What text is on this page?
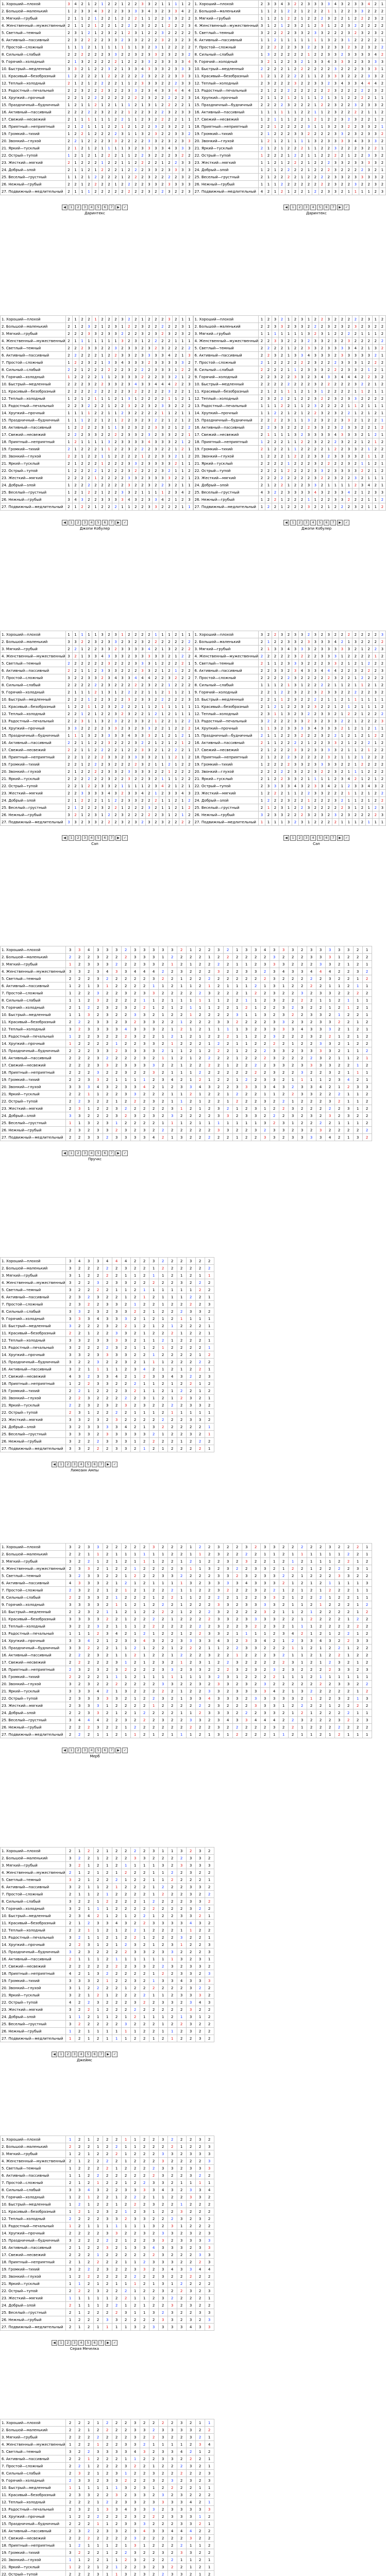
1. Хороший—плохой	3	4	2	1	2	1	2	2	1	2	2	3	3	2	1	1	1	1	2
2. Большой—маленький	1	2	3	3	4	3	2	2	3	3	3	3	4	3	2	3	3	4	2
3. Мягкий—грубый	2	1	1	2	1	2	2	1	2	2	2	1	1	2	2	3	3	2	2
4. Женственный—мужественный	2	1	1	2	1	2	2	1	2	2	2	3	2	2	1	2	2	2	3
5. Светлый—темный	2	3	1	2	1	2	3	2	1	2	3	1	2	2	3	2	2	2	2
6. Активный—пассивный	2	3	2	2	2	2	3	3	2	3	3	2	2	2	3	2	3	2	3
7. Простой—сложный	1	1	1	2	1	1	1	1	1	1	1	3	2	3	1	2	2	2	2
8. Сильный—слабый	2	2	2	2	2	2	3	3	2	2	3	2	3	3	2	3	2	3	2
9. Горячий—холодный	2	1	3	2	2	2	2	2	1	2	2	3	3	2	3	3	3	3	4
10. Быстрый—медленный	3	3	2	1	2	2	3	2	1	3	3	4	3	3	3	2	3	3	3
11. Красивый—безобразный	1	2	2	2	2	1	2	2	2	2	2	2	3	2	2	2	3	3	3
12. Теплый—холодный	2	1	2	1	2	2	2	2	1	1	2	3	3	3	2	2	2	3	3
13. Радостный—печальный	2	2	3	2	2	2	3	2	2	3	3	2	3	4	3	3	4	4	4
14. Хрупкий—прочный	2	2	1	2	2	2	2	2	2	2	2	2	3	2	2	2	2	2	3
15. Праздничный—будничный	1	2	1	1	2	1	2	1	1	1	2	1	3	1	2	2	2	2	1
16. Активный—пассивный	2	2	2	2	2	3	2	2	2	1	2	2	3	2	2	3	2	3	3
17. Свежий—несвежий	2	1	1	1	1	1	1	2	2	1	1	2	3	2	2	2	2	1	1
18. Приятный—неприятный	2	1	2	1	1	1	2	2	1	2	1	2	2	3	2	3	2	2	1
19. Громкий—тихий	1	2	2	1	2	2	2	2	3	1	1	3	2	3	2	2	3	3	2
20. Звонкий—глухой	2	2	1	2	2	2	3	3	2	2	2	2	3	3	2	3	2	3	3
21. Яркий—тусклый	2	1	2	1	2	1	1	1	1	3	2	3	3	3	3	4	3	3	3
22. Острый—тупой	1	2	1	2	1	2	2	2	1	1	2	2	3	2	2	2	3	2	2
23. Жесткий—мягкий	2	1	2	2	2	1	2	2	1	1	2	2	2	2	1	2	2	3	3
24. Добрый—злой	2	1	1	2	1	2	2	2	1	2	2	2	3	3	2	3	3	3	3
25. Веселый—грустный	1	1	2	1	2	2	2	2	1	2	2	2	3	2	2	2	2	3	2
26. Нежный—грубый	2	2	1	2	2	2	2	1	2	2	2	2	3	3	2	3	3	3	3
27. Подвижный—медлительный	2	1	1	1	2	2	2	2	2	2	2	2	3	2	2	3	2	2	3
1. Хороший—плохой	2	3	3	4	3	2	2	3	3	3	3	4	3	2	3	3	4	2	1
2. Большой—маленький	1	1	2	1	2	2	1	2	2	2	1	1	2	2	3	3	2	2	2
3. Мягкий—грубый	1	1	2	1	2	2	1	2	2	2	3	2	2	1	2	2	2	3	2
4. Женственный—мужественный	3	1	2	1	2	3	2	1	2	3	1	2	2	3	2	2	2	2	2
5. Светлый—темный	3	2	2	2	2	3	3	2	3	3	2	2	2	3	2	3	2	3	2
6. Активный—пассивный	1	1	2	1	1	1	1	1	1	1	3	2	3	1	2	2	2	2	1
7. Простой—сложный	2	2	2	2	2	3	3	2	2	3	2	3	3	2	3	2	3	2	2
8. Сильный—слабый	1	3	2	2	2	2	2	1	2	2	3	3	2	3	3	3	3	4	2
9. Горячий—холодный	3	2	1	2	2	3	2	1	3	3	4	3	3	3	2	3	3	3	3
10. Быстрый—медленный	2	2	2	2	1	2	2	2	2	2	2	3	2	2	2	3	3	3	1
11. Красивый—безобразный	1	2	1	2	2	2	2	1	1	2	3	3	3	2	2	2	3	3	2
12. Теплый—холодный	2	3	2	2	2	3	2	2	3	3	2	3	4	3	3	4	4	4	2
13. Радостный—печальный	2	1	2	2	2	2	2	2	2	2	2	3	2	2	2	2	2	3	2
14. Хрупкий—прочный	2	1	1	2	1	2	1	1	1	2	1	3	1	2	2	2	2	1	1
15. Праздничный—будничный	2	2	2	2	3	2	2	2	1	2	2	3	2	2	3	2	3	3	2
16. Активный—пассивный	1	1	1	1	1	1	2	2	1	1	2	3	2	2	2	2	1	1	2
17. Свежий—несвежий	1	2	1	1	1	2	2	1	2	1	2	2	3	2	3	2	2	1	2
18. Приятный—неприятный	2	2	1	2	2	2	2	3	1	1	3	2	3	2	2	3	3	2	1
19. Громкий—тихий	2	1	2	2	2	3	3	2	2	2	2	3	3	2	3	2	3	3	2
20. Звонкий—глухой	1	2	1	2	1	1	1	1	3	2	3	3	3	3	4	3	3	3	2
21. Яркий—тусклый	2	1	2	1	2	2	2	1	1	2	2	3	2	2	2	3	2	2	1
22. Острый—тупой	1	2	2	2	1	2	2	1	1	2	2	2	2	1	2	2	3	3	2
23. Жесткий—мягкий	1	1	2	1	2	2	2	1	2	2	2	3	3	2	3	3	3	3	2
24. Добрый—злой	1	2	1	2	2	2	2	1	2	2	2	3	2	2	2	2	3	2	1
25. Веселый—грустный	2	1	2	2	2	2	1	2	2	2	2	3	3	2	3	3	3	3	2
26. Нежный—грубый	1	1	1	2	2	2	2	2	2	2	2	3	2	2	3	2	2	3	2
27. Подвижный—медлительный	4	2	1	2	1	2	2	1	2	2	3	3	2	1	1	1	1	2	3
◀	1	2	3	4	5	6	7	▶	✓
Даринтекс
◀	1	2	3	4	5	6	7	▶	✓
Даринтекс
1. Хороший—плохой	2	1	2	2	1	2	2	2	3	2	2	1	2	2	2	3	2	1	1
2. Большой—маленький	2	1	2	3	2	1	2	3	1	2	2	3	2	2	2	2	2	3	1
3. Мягкий—грубый	2	2	2	3	3	2	3	3	2	2	2	3	2	3	2	3	2	3	2
4. Женственный—мужественный	2	1	1	1	1	1	1	1	3	2	3	1	2	2	2	2	1	1	1
5. Светлый—темный	2	2	2	3	3	2	2	3	2	3	3	2	3	2	3	2	2	2	2
6. Активный—пассивный	2	2	2	2	2	1	2	2	3	3	2	3	3	3	3	4	2	1	3
7. Простой—сложный	1	2	2	3	2	1	3	3	4	3	3	3	2	3	3	3	3	3	2
8. Сильный—слабый	2	2	1	2	2	2	2	2	2	3	2	2	2	3	3	3	1	2	2
9. Горячий—холодный	1	2	2	2	2	1	1	2	3	3	3	2	2	2	3	3	2	1	2
10. Быстрый—медленный	2	2	2	3	2	2	3	3	2	3	4	3	3	4	4	4	2	2	3
11. Красивый—безобразный	2	2	2	2	2	2	2	2	2	3	2	2	2	2	2	3	2	2	1
12. Теплый—холодный	1	2	1	2	1	1	1	2	1	3	1	2	2	2	2	1	1	2	1
13. Радостный—печальный	2	2	3	2	2	2	1	2	2	3	2	2	3	2	3	3	2	2	2
14. Хрупкий—прочный	1	1	1	1	2	2	1	1	2	3	2	2	2	2	1	1	2	1	1
15. Праздничный—будничный	1	1	1	2	2	1	2	1	2	2	3	2	3	2	2	1	2	1	2
16. Активный—пассивный	1	2	2	2	2	3	1	1	3	2	3	2	2	3	3	2	1	2	2
17. Свежий—несвежий	2	2	2	3	3	2	2	2	2	3	3	2	3	2	3	3	2	2	1
18. Приятный—неприятный	1	2	1	1	1	1	3	2	3	3	3	3	4	3	3	3	2	1	2
19. Громкий—тихий	2	1	2	2	2	1	1	2	2	3	2	2	2	3	2	2	1	2	1
20. Звонкий—глухой	2	2	1	2	2	1	1	2	2	2	2	1	2	2	3	3	2	1	2
21. Яркий—тусклый	2	1	2	2	2	1	2	2	2	3	3	2	3	3	3	3	2	1	1
22. Острый—тупой	1	2	2	2	2	1	2	2	2	3	2	2	2	2	3	2	1	1	2
23. Жесткий—мягкий	2	2	2	2	1	2	2	2	2	3	3	2	3	3	3	3	2	2	1
24. Добрый—злой	1	2	2	2	2	2	2	2	2	3	2	2	3	2	2	3	2	1	1
25. Веселый—грустный	1	2	1	2	2	1	2	2	3	3	2	1	1	1	1	2	3	4	2
26. Нежный—грубый	3	4	3	2	2	3	3	3	3	4	3	2	3	3	4	2	1	2	3
27. Подвижный—медлительный	2	1	2	2	1	2	2	2	1	1	2	2	3	3	2	2	2	1	1
1. Хороший—плохой	1	2	3	2	1	2	3	1	2	2	3	2	2	2	2	2	3	1	2
2. Большой—маленький	2	2	3	3	2	3	3	2	2	2	3	2	3	2	3	2	3	2	2
3. Мягкий—грубый	1	1	1	1	1	1	1	3	2	3	1	2	2	2	2	1	1	1	2
4. Женственный—мужественный	2	2	3	3	2	2	3	2	3	3	2	3	2	3	2	2	2	2	2
5. Светлый—темный	2	2	2	2	1	2	2	3	3	2	3	3	3	3	4	2	1	3	2
6. Активный—пассивный	2	2	3	2	1	3	3	4	3	3	3	2	3	3	3	3	3	2	1
7. Простой—сложный	2	1	2	2	2	2	2	2	3	2	2	2	3	3	3	1	2	2	2
8. Сильный—слабый	2	2	2	2	1	1	2	3	3	3	2	2	2	3	3	2	1	2	1
9. Горячий—холодный	2	2	3	2	2	3	3	2	3	4	3	3	4	4	4	2	2	3	2
10. Быстрый—медленный	2	2	2	2	2	2	2	2	3	2	2	2	2	2	3	2	2	1	2
11. Красивый—безобразный	2	1	2	1	1	1	2	1	3	1	2	2	2	2	1	1	2	1	1
12. Теплый—холодный	2	3	2	2	2	1	2	2	3	2	2	3	2	3	3	2	2	2	2
13. Радостный—печальный	1	1	1	2	2	1	1	2	3	2	2	2	2	1	1	2	1	1	1
14. Хрупкий—прочный	1	1	2	2	1	2	1	2	2	3	2	3	2	2	1	2	1	2	1
15. Праздничный—будничный	2	2	2	2	3	1	1	3	2	3	2	2	3	3	2	1	2	2	1
16. Активный—пассивный	2	2	3	3	2	2	2	2	3	3	2	3	2	3	3	2	2	1	2
17. Свежий—несвежий	2	1	1	1	1	3	2	3	3	3	3	4	3	3	3	2	1	2	1
18. Приятный—неприятный	1	2	2	2	1	1	2	2	3	2	2	2	3	2	2	1	2	1	2
19. Громкий—тихий	2	1	2	2	1	1	2	2	2	2	1	2	2	3	3	2	1	2	2
20. Звонкий—глухой	1	2	2	2	1	2	2	2	3	3	2	3	3	3	3	2	1	1	2
21. Яркий—тусклый	2	2	2	2	1	2	2	2	3	2	2	2	2	3	2	1	1	2	1
22. Острый—тупой	2	2	2	1	2	2	2	2	3	3	2	3	3	3	3	2	2	1	2
23. Жесткий—мягкий	2	2	2	2	2	2	2	2	3	2	2	3	2	2	3	2	1	1	1
24. Добрый—злой	2	1	2	2	1	2	2	3	3	2	1	1	1	1	2	3	4	2	1
25. Веселый—грустный	4	3	2	2	3	3	3	3	4	3	2	3	3	4	2	1	2	3	3
26. Нежный—грубый	1	2	2	1	2	2	2	1	1	2	2	3	3	2	2	2	1	1	2
27. Подвижный—медлительный	1	2	2	1	2	2	2	3	2	2	1	2	2	2	3	2	1	1	2
◀	1	2	3	4	5	6	7	▶	✓
Джопи Кобулер
◀	1	2	3	4	5	6	7	▶	✓
Джопи Кобулер
1. Хороший—плохой	1	1	1	1	1	3	2	3	1	2	2	2	2	1	1	1	2	1	1
2. Большой—маленький	3	3	2	2	3	2	3	3	2	3	2	3	2	2	2	2	2	2	2
3. Мягкий—грубый	2	2	1	2	2	3	3	2	3	3	3	3	4	2	1	3	2	2	2
4. Женственный—мужественный	3	2	1	3	3	4	3	3	3	2	3	3	3	3	3	2	1	2	2
5. Светлый—темный	2	2	2	2	2	2	3	2	2	2	3	3	3	1	2	2	2	2	1
6. Активный—пассивный	2	2	1	1	2	3	3	3	2	2	2	3	3	2	1	2	1	2	2
7. Простой—сложный	3	2	2	3	3	2	3	4	3	3	4	4	4	2	2	3	2	2	2
8. Сильный—слабый	2	2	2	2	2	2	3	2	2	2	2	2	3	2	2	1	2	2	2
9. Горячий—холодный	2	1	1	1	2	1	3	1	2	2	2	2	1	1	2	1	1	2	1
10. Быстрый—медленный	2	2	2	1	2	2	3	2	2	3	2	3	3	2	2	2	2	2	3
11. Красивый—безобразный	1	2	2	1	1	2	3	2	2	2	2	1	1	2	1	1	1	1	1
12. Теплый—холодный	2	2	1	2	1	2	2	3	2	3	2	2	1	2	1	2	1	1	1
13. Радостный—печальный	2	2	3	1	1	3	2	3	2	2	3	3	2	1	2	2	1	2	2
14. Хрупкий—прочный	3	3	2	2	2	2	3	3	2	3	2	3	3	2	2	1	2	2	2
15. Праздничный—будничный	1	1	1	3	2	3	3	3	3	4	3	3	3	2	1	2	1	2	1
16. Активный—пассивный	2	2	1	1	2	2	3	2	2	2	3	2	2	1	2	1	2	1	2
17. Свежий—несвежий	2	2	1	1	2	2	2	2	1	2	2	3	3	2	1	2	2	2	1
18. Приятный—неприятный	2	2	1	2	2	2	3	3	2	3	3	3	3	2	1	1	2	1	2
19. Громкий—тихий	2	2	1	2	2	2	3	2	2	2	2	3	2	1	1	2	1	2	2
20. Звонкий—глухой	2	1	2	2	2	2	3	3	2	3	3	3	3	2	2	1	2	2	2
21. Яркий—тусклый	2	2	2	2	2	2	3	2	2	3	2	2	3	2	1	1	1	2	2
22. Острый—тупой	2	2	1	2	2	3	3	2	1	1	1	1	2	3	4	2	1	2	1
23. Жесткий—мягкий	2	2	3	3	3	3	4	3	2	3	3	4	2	1	2	3	3	4	3
24. Добрый—злой	2	1	2	2	2	1	1	2	2	3	3	2	2	2	1	1	2	1	2
25. Веселый—грустный	2	1	2	2	2	3	2	2	1	2	2	2	3	2	1	1	2	1	2
26. Нежный—грубый	3	2	1	2	3	1	2	2	3	2	2	2	2	2	3	1	2	1	2
27. Подвижный—медлительный	3	3	2	3	3	2	2	2	3	2	3	2	3	2	3	2	2	2	2
1. Хороший—плохой	3	2	2	3	2	3	3	2	3	2	3	2	2	2	2	2	2	2	3
2. Большой—маленький	2	1	2	2	3	3	2	3	3	3	3	4	2	1	3	2	2	2	2
3. Мягкий—грубый	2	1	3	3	4	3	3	3	2	3	3	3	3	3	2	1	2	2	3
4. Женственный—мужественный	2	2	2	2	2	3	2	2	2	3	3	3	1	2	2	2	2	1	2
5. Светлый—темный	2	1	1	2	3	3	3	2	2	2	3	3	2	1	2	1	2	2	2
6. Активный—пассивный	2	2	3	3	2	3	4	3	3	4	4	4	2	2	3	2	2	2	3
7. Простой—сложный	2	2	2	2	2	3	2	2	2	2	2	3	2	2	1	2	2	2	2
8. Сильный—слабый	1	1	1	2	1	3	1	2	2	2	2	1	1	2	1	1	2	1	2
9. Горячий—холодный	2	2	1	2	2	3	2	2	3	2	3	3	2	2	2	2	2	3	2
10. Быстрый—медленный	2	2	1	1	2	3	2	2	2	2	1	1	2	1	1	1	1	1	1
11. Красивый—безобразный	2	1	2	1	2	2	3	2	3	2	2	1	2	1	2	1	1	1	2
12. Теплый—холодный	2	3	1	1	3	2	3	2	2	3	3	2	1	2	2	1	2	2	2
13. Радостный—печальный	3	2	2	2	2	3	3	2	3	2	3	3	2	2	1	2	2	2	3
14. Хрупкий—прочный	1	1	3	2	3	3	3	3	4	3	3	3	2	1	2	1	2	1	1
15. Праздничный—будничный	2	1	1	2	2	3	2	2	2	3	2	2	1	2	1	2	1	2	2
16. Активный—пассивный	2	1	1	2	2	2	2	1	2	2	3	3	2	1	2	2	2	1	2
17. Свежий—несвежий	2	1	2	2	2	3	3	2	3	3	3	3	2	1	1	2	1	2	2
18. Приятный—неприятный	2	1	2	2	2	3	2	2	2	2	3	2	1	1	2	1	2	2	2
19. Громкий—тихий	1	2	2	2	2	3	3	2	3	3	3	3	2	2	1	2	2	2	2
20. Звонкий—глухой	2	2	2	2	2	3	2	2	3	2	2	3	2	1	1	1	2	2	2
21. Яркий—тусклый	2	1	2	2	3	3	2	1	1	1	1	2	3	4	2	1	2	1	2
22. Острый—тупой	2	3	3	3	3	4	3	2	3	3	4	2	1	2	3	3	4	3	2
23. Жесткий—мягкий	1	2	2	2	1	1	2	2	3	3	2	2	2	1	1	2	1	2	2
24. Добрый—злой	1	2	2	2	3	2	2	1	2	2	2	3	2	1	1	2	1	2	2
25. Веселый—грустный	2	1	2	3	1	2	2	3	2	2	2	2	2	3	1	2	1	2	3
26. Нежный—грубый	3	2	3	3	2	2	2	3	2	3	2	3	2	3	2	2	2	2	3
27. Подвижный—медлительный	1	1	1	1	3	2	3	1	2	2	2	2	1	1	1	2	1	1	1
◀	1	2	3	4	5	6	7	▶	✓
Сап
◀	1	2	3	4	5	6	7	▶	✓
Сап
1. Хороший—плохой	3	3	4	3	3	3	2	3	3	3	3	3	2	1	2	2	3	2	1	3	3	4	3	3	3	2	3	3	3	3	3	2	1
2. Большой—маленький	2	2	2	3	2	2	2	3	3	3	1	2	2	2	2	1	2	2	2	2	2	2	3	2	2	2	3	3	3	1	2	2	2
3. Мягкий—грубый	1	2	3	3	3	2	2	2	3	3	2	1	2	1	2	2	2	2	1	1	2	3	3	3	2	2	2	3	3	2	1	2	1
4. Женственный—мужественный	3	3	2	3	4	3	3	4	4	4	2	2	3	2	2	2	3	2	2	3	3	2	3	4	3	3	4	4	4	2	2	3	2
5. Светлый—темный	2	2	2	3	2	2	2	2	2	3	2	2	1	2	2	2	2	2	2	2	2	2	3	2	2	2	2	2	3	2	2	1	2
6. Активный—пассивный	1	2	1	3	1	2	2	2	2	1	1	2	1	1	2	1	2	1	1	1	2	1	3	1	2	2	2	2	1	1	2	1	1
7. Простой—сложный	1	2	2	3	2	2	3	2	3	3	2	2	2	2	2	3	2	2	2	1	2	2	3	2	2	3	2	3	3	2	2	2	2
8. Сильный—слабый	1	1	2	3	2	2	2	2	1	1	2	1	1	1	1	1	1	2	2	1	1	2	3	2	2	2	2	1	1	2	1	1	1
9. Горячий—холодный	2	1	2	2	3	2	3	2	2	1	2	1	2	1	1	1	2	2	1	2	1	2	2	3	2	3	2	2	1	2	1	2	1
10. Быстрый—медленный	1	1	3	2	3	2	2	3	3	2	1	2	2	1	2	2	2	2	3	1	1	3	2	3	2	2	3	3	2	1	2	2	1
11. Красивый—безобразный	2	2	2	3	3	2	3	2	3	3	2	2	1	2	2	2	3	3	2	2	2	2	3	3	2	3	2	3	3	2	2	1	2
12. Теплый—холодный	3	2	3	3	3	3	4	3	3	3	2	1	2	1	2	1	1	1	1	3	2	3	3	3	3	4	3	3	3	2	1	2	1
13. Радостный—печальный	1	2	2	3	2	2	2	3	2	2	1	2	1	2	1	2	2	2	1	1	2	2	3	2	2	2	3	2	2	1	2	1	2
14. Хрупкий—прочный	1	2	2	2	2	1	2	2	3	3	2	1	2	2	2	1	2	2	1	1	2	2	2	2	1	2	2	3	3	2	1	2	2
15. Праздничный—будничный	2	2	2	3	3	2	3	3	3	3	2	1	1	2	1	2	2	2	1	2	2	2	3	3	2	3	3	3	3	2	1	1	2
16. Активный—пассивный	2	2	2	3	2	2	2	2	3	2	1	1	2	1	2	2	2	2	1	2	2	2	3	2	2	2	2	3	2	1	1	2	1
17. Свежий—несвежий	2	2	2	3	3	2	3	3	3	3	2	2	1	2	2	2	2	1	2	2	2	2	3	3	2	3	3	3	3	2	2	1	2
18. Приятный—неприятный	2	2	2	3	2	2	3	2	2	3	2	1	1	1	2	2	2	2	2	2	2	2	3	2	2	3	2	2	3	2	1	1	1
19. Громкий—тихий	2	2	3	3	2	1	1	1	1	2	3	4	2	1	2	1	2	2	1	2	2	3	3	2	1	1	1	1	2	3	4	2	1
20. Звонкий—глухой	3	3	3	4	3	2	3	3	4	2	1	2	3	3	4	3	2	2	3	3	3	3	4	3	2	3	3	4	2	1	2	3	3
21. Яркий—тусклый	2	2	1	1	2	2	3	3	2	2	2	1	1	2	1	2	2	1	2	2	2	1	1	2	2	3	3	2	2	2	1	1	2
22. Острый—тупой	2	2	3	2	2	1	2	2	2	3	2	1	1	2	1	2	2	1	2	2	2	3	2	2	1	2	2	2	3	2	1	1	2
23. Жесткий—мягкий	2	3	1	2	2	3	2	2	2	2	2	3	1	2	1	2	3	2	1	2	3	1	2	2	3	2	2	2	2	2	3	1	2
24. Добрый—злой	3	3	2	2	2	3	2	3	2	3	2	3	2	2	2	2	3	3	2	3	3	2	2	2	3	2	3	2	3	2	3	2	2
25. Веселый—грустный	1	1	3	2	3	1	2	2	2	2	1	1	1	2	1	1	1	1	1	1	1	3	2	3	1	2	2	2	2	1	1	1	2
26. Нежный—грубый	2	3	2	3	3	2	3	2	3	2	2	2	2	2	2	2	3	3	2	2	3	2	3	3	2	3	2	3	2	2	2	2	2
27. Подвижный—медлительный	2	2	3	3	2	3	3	3	3	4	2	1	3	2	2	2	2	2	1	2	2	3	3	2	3	3	3	3	4	2	1	3	2
◀	1	2	3	4	5	6	7	▶	✓
Пручкс
1. Хороший—плохой	3	4	3	3	4	4	4	2	2	3	2	2	2	3	2	2
2. Большой—маленький	3	2	2	2	2	2	3	2	2	1	2	2	2	2	2	2
3. Мягкий—грубый	3	1	2	2	2	2	1	1	2	1	1	2	1	2	1	1
4. Женственный—мужественный	3	2	2	3	2	3	3	2	2	2	2	2	3	2	2	2
5. Светлый—темный	3	2	2	2	2	1	1	2	1	1	1	1	1	1	2	2
6. Активный—пассивный	2	3	2	3	2	2	1	2	1	2	1	1	1	2	2	1
7. Простой—сложный	2	3	2	2	3	3	2	1	2	2	1	2	2	2	2	3
8. Сильный—слабый	3	3	2	3	2	3	3	2	2	1	2	2	2	3	3	2
9. Горячий—холодный	3	3	3	4	3	3	3	2	1	2	1	2	1	1	1	1
10. Быстрый—медленный	3	2	2	2	3	2	2	1	2	1	2	1	2	2	2	1
11. Красивый—безобразный	2	2	1	2	2	3	3	2	1	2	2	2	1	2	2	1
12. Теплый—холодный	3	3	2	3	3	3	3	2	1	1	2	1	2	2	2	1
13. Радостный—печальный	3	2	2	2	2	3	2	1	1	2	1	2	2	2	2	1
14. Хрупкий—прочный	3	3	2	3	3	3	3	2	2	1	2	2	2	2	1	2
15. Праздничный—будничный	3	2	2	3	2	2	3	2	1	1	1	2	2	2	2	2
16. Активный—пассивный	3	2	1	1	1	1	2	3	4	2	1	2	1	2	2	1
17. Свежий—несвежий	4	3	2	3	3	4	2	1	2	3	3	4	3	2	2	3
18. Приятный—неприятный	1	2	2	3	3	2	2	2	1	1	2	1	2	2	1	2
19. Громкий—тихий	2	2	1	2	2	2	3	2	1	1	2	1	2	2	1	2
20. Звонкий—глухой	2	2	3	2	2	2	2	2	3	1	2	1	2	3	2	1
21. Яркий—тусклый	2	2	3	2	3	2	3	2	3	2	2	2	2	3	3	2
22. Острый—тупой	2	3	1	2	2	2	2	1	1	1	2	1	1	1	1	1
23. Жесткий—мягкий	3	3	2	3	2	3	2	2	2	2	2	2	2	3	3	2
24. Добрый—злой	3	2	3	3	3	3	4	2	1	3	2	2	2	2	2	1
25. Веселый—грустный	3	3	3	2	3	3	3	3	3	2	1	2	2	3	2	1
26. Нежный—грубый	3	2	2	2	3	3	3	1	2	2	2	2	1	2	2	2
27. Подвижный—медлительный	3	3	2	2	2	3	3	2	1	2	1	2	2	2	2	1
◀	1	2	3	4	5	6	7	▶	✓
Лимозин Ампы
1. Хороший—плохой	3	2	3	3	2	2	2	2	2	3	2	2	2	1	2	2	3	2	2	3	2	3	3	2	2	2	2	2	3	2	2	2	1
2. Большой—маленький	2	2	1	1	2	1	1	1	1	1	1	2	2	1	1	2	3	2	2	2	2	1	1	2	1	1	1	1	1	1	2	2	1
3. Мягкий—грубый	3	2	2	1	2	1	2	1	1	1	2	2	1	2	1	2	2	3	2	3	2	2	1	2	1	2	1	1	1	2	2	1	2
4. Женственный—мужественный	2	3	3	2	1	2	2	1	2	2	2	2	3	1	1	3	2	3	2	2	3	3	2	1	2	2	1	2	2	2	2	3	1
5. Светлый—темный	3	2	3	3	2	2	1	2	2	2	3	3	2	2	2	2	3	3	2	3	2	3	3	2	2	1	2	2	2	3	3	2	2
6. Активный—пассивный	4	3	3	3	2	1	2	1	2	1	1	1	1	3	2	3	3	3	3	4	3	3	3	2	1	2	1	2	1	1	1	1	3
7. Простой—сложный	2	3	2	2	1	2	1	2	1	2	2	2	1	1	2	2	3	2	2	2	3	2	2	1	2	1	2	1	2	2	2	1	1
8. Сильный—слабый	2	2	3	3	2	1	2	2	2	1	2	2	1	1	2	2	2	2	1	2	2	3	3	2	1	2	2	2	1	2	2	1	1
9. Горячий—холодный	3	3	3	3	2	1	1	2	1	2	2	2	1	2	2	2	3	3	2	3	3	3	3	2	1	1	2	1	2	2	2	1	2
10. Быстрый—медленный	2	2	3	2	1	1	2	1	2	2	2	2	1	2	2	2	3	2	2	2	2	3	2	1	1	2	1	2	2	2	2	1	2
11. Красивый—безобразный	3	3	3	3	2	2	1	2	2	2	2	1	2	2	2	2	3	3	2	3	3	3	3	2	2	1	2	2	2	2	1	2	2
12. Теплый—холодный	3	2	2	3	2	1	1	1	2	2	2	2	2	2	2	2	3	2	2	3	2	2	3	2	1	1	1	2	2	2	2	2	2
13. Радостный—печальный	1	1	1	2	3	4	2	1	2	1	2	2	1	2	2	3	3	2	1	1	1	1	2	3	4	2	1	2	1	2	2	1	2
14. Хрупкий—прочный	3	3	4	2	1	2	3	3	4	3	2	2	3	3	3	3	4	3	2	3	3	4	2	1	2	3	3	4	3	2	2	3	3
15. Праздничный—будничный	3	3	2	2	2	1	1	2	1	2	2	1	2	2	2	1	1	2	2	3	3	2	2	2	1	1	2	1	2	2	1	2	2
16. Активный—пассивный	2	2	2	3	2	1	1	2	1	2	2	1	2	2	2	3	2	2	1	2	2	2	3	2	1	1	2	1	2	2	1	2	2
17. Свежий—несвежий	2	2	2	2	2	3	1	2	1	2	3	2	1	2	3	1	2	2	3	2	2	2	2	2	3	1	2	1	2	3	2	1	2
18. Приятный—неприятный	2	3	2	3	2	3	2	2	2	2	3	3	2	3	3	2	2	2	3	2	3	2	3	2	3	2	2	2	2	3	3	2	3
19. Громкий—тихий	2	2	2	2	1	1	1	2	1	1	1	1	1	1	1	3	2	3	1	2	2	2	2	1	1	1	2	1	1	1	1	1	1
20. Звонкий—глухой	3	2	3	2	2	2	2	2	2	2	3	3	2	2	3	2	3	3	2	3	2	3	2	2	2	2	2	2	2	3	3	2	2
21. Яркий—тусклый	3	3	3	4	2	1	3	2	2	2	2	2	1	2	2	3	3	2	3	3	3	3	4	2	1	3	2	2	2	2	2	1	2
22. Острый—тупой	2	3	3	3	3	3	2	1	2	2	3	2	1	3	3	4	3	3	3	2	3	3	3	3	3	2	1	2	2	3	2	1	3
23. Жесткий—мягкий	2	3	3	3	1	2	2	2	2	1	2	2	2	2	2	2	3	2	2	2	3	3	3	1	2	2	2	2	1	2	2	2	2
24. Добрый—злой	2	2	3	3	2	1	2	1	2	2	2	2	1	1	2	3	3	3	2	2	2	3	3	2	1	2	1	2	2	2	2	1	1
25. Веселый—грустный	3	4	4	4	2	2	3	2	2	2	3	2	2	3	3	2	3	4	3	3	4	4	4	2	2	3	2	2	2	3	2	2	3
26. Нежный—грубый	2	2	2	3	2	2	1	2	2	2	2	2	2	2	2	2	3	2	2	2	2	2	3	2	2	1	2	2	2	2	2	2	2
27. Подвижный—медлительный	2	2	2	1	1	2	1	1	2	1	2	1	1	1	2	1	3	1	2	2	2	2	1	1	2	1	1	2	1	2	1	1	1
◀	1	2	3	4	5	6	7	▶	✓
Мерб
1. Хороший—плохой	2	1	2	2	1	2	2	2	2	3	1	1	3	2	3	2
2. Большой—маленький	3	2	2	1	2	2	2	3	3	2	2	2	2	3	3	2
3. Мягкий—грубый	3	2	1	2	1	2	1	1	1	1	3	2	3	3	3	3
4. Женственный—мужественный	2	1	2	1	2	1	2	2	2	1	1	2	2	3	2	2
5. Светлый—темный	3	2	1	2	2	2	1	2	2	1	1	2	2	2	2	1
6. Активный—пассивный	3	2	1	1	2	1	2	2	2	1	2	2	2	3	3	2
7. Простой—сложный	2	1	1	2	1	2	2	2	2	1	2	2	2	3	2	2
8. Сильный—слабый	3	2	2	1	2	2	2	2	1	2	2	2	2	3	3	2
9. Горячий—холодный	3	2	1	1	1	2	2	2	2	2	2	2	2	3	2	2
10. Быстрый—медленный	2	3	4	2	1	2	1	2	2	1	2	2	3	3	2	1
11. Красивый—безобразный	2	1	2	3	3	4	3	2	2	3	3	3	3	4	3	2
12. Теплый—холодный	2	2	1	1	2	1	2	2	1	2	2	2	1	1	2	2
13. Радостный—печальный	3	2	1	1	2	1	2	2	1	2	2	2	3	2	2	1
14. Хрупкий—прочный	2	2	3	1	2	1	2	3	2	1	2	3	1	2	2	3
15. Праздничный—будничный	3	2	3	2	2	2	2	3	3	2	3	3	2	2	2	3
16. Активный—пассивный	2	1	1	1	2	1	1	1	1	1	1	1	3	2	3	1
17. Свежий—несвежий	2	2	2	2	2	2	2	3	3	2	2	3	2	3	3	2
18. Приятный—неприятный	4	2	1	3	2	2	2	2	2	1	2	2	3	3	2	3
19. Громкий—тихий	3	3	3	2	1	2	2	3	2	1	3	3	4	3	3	3
20. Звонкий—глухой	3	1	2	2	2	2	1	2	2	2	2	2	2	3	2	2
21. Яркий—тусклый	3	2	1	2	1	2	2	2	2	1	1	2	3	3	3	2
22. Острый—тупой	4	2	2	3	2	2	2	3	2	2	3	3	2	3	4	3
23. Жесткий—мягкий	3	2	2	1	2	2	2	2	2	2	2	2	2	3	2	2
24. Добрый—злой	1	1	2	1	1	2	1	2	1	1	1	2	1	3	1	2
25. Веселый—грустный	3	2	2	2	2	2	3	2	2	2	1	2	2	3	2	2
26. Нежный—грубый	1	2	1	1	1	1	1	1	2	2	1	1	2	3	2	2
27. Подвижный—медлительный	1	2	1	2	1	1	1	2	2	1	2	1	2	2	3	2
◀	1	2	3	4	5	6	7	▶	✓
Джеймс
1. Хороший—плохой	1	2	1	2	2	2	1	1	2	2	3	2	2	2	3	2
2. Большой—маленький	2	2	2	1	2	2	1	1	2	2	2	2	1	2	2	3
3. Мягкий—грубый	1	2	1	2	2	2	1	2	2	2	3	3	2	3	3	3
4. Женственный—мужественный	2	1	2	2	2	2	1	2	2	2	3	2	2	2	2	3
5. Светлый—темный	1	2	2	2	2	1	2	2	2	2	3	3	2	3	3	3
6. Активный—пассивный	1	1	2	2	2	2	2	2	2	2	3	2	2	3	2	2
7. Простой—сложный	2	1	2	1	2	2	1	2	2	3	3	2	1	1	1	1
8. Сильный—слабый	3	3	4	3	2	2	3	3	3	3	4	3	2	3	3	4
9. Горячий—холодный	1	2	1	2	2	1	2	2	2	1	1	2	2	3	3	2
10. Быстрый—медленный	1	2	1	2	2	1	2	2	2	3	2	2	1	2	2	2
11. Красивый—безобразный	1	2	1	2	3	2	1	2	3	1	2	2	3	2	2	2
12. Теплый—холодный	2	2	2	2	3	3	2	3	3	2	2	2	3	2	3	2
13. Радостный—печальный	1	2	1	1	1	1	1	1	1	3	2	3	1	2	2	2
14. Хрупкий—прочный	2	2	2	2	3	3	2	2	3	2	3	3	2	3	2	3
15. Праздничный—будничный	3	2	2	2	2	2	1	2	2	3	3	2	3	3	3	3
16. Активный—пассивный	2	1	2	2	3	2	1	3	3	4	3	3	3	2	3	3
17. Свежий—несвежий	2	2	2	1	2	2	2	2	2	2	3	2	2	2	3	3
18. Приятный—неприятный	2	1	2	2	2	2	1	1	2	3	3	3	2	2	2	3
19. Громкий—тихий	3	2	2	2	3	2	2	3	3	2	3	4	3	3	4	4
20. Звонкий—глухой	1	2	2	2	2	2	2	2	2	2	3	2	2	2	2	2
21. Яркий—тусклый	1	1	2	1	2	1	1	1	2	1	3	1	2	2	2	2
22. Острый—тупой	2	2	2	3	2	2	2	1	2	2	3	2	2	3	2	3
23. Жесткий—мягкий	1	1	1	1	1	2	2	1	1	2	3	2	2	2	2	1
24. Добрый—злой	2	1	1	1	2	2	1	2	1	2	2	3	2	3	2	2
25. Веселый—грустный	2	1	2	2	2	2	3	1	1	3	2	3	2	2	3	3
26. Нежный—грубый	1	2	2	2	3	3	2	2	2	2	3	3	2	3	2	3
27. Подвижный—медлительный	2	1	2	1	1	1	1	3	2	3	3	3	3	4	3	3
◀	1	2	3	4	5	6	7	▶	✓
Серая Мечелка
1. Хороший—плохой	2	2	2	1	2	2	2	3	2	2	2	2	3	2	1	1
2. Большой—маленький	2	2	1	2	2	2	2	3	3	2	3	3	3	3	2	2
3. Мягкий—грубый	2	2	2	2	2	2	2	3	2	2	3	2	2	3	2	1
4. Женственный—мужественный	1	2	2	1	2	2	3	3	2	1	1	1	1	2	3	4
5. Светлый—темный	3	2	2	3	3	3	3	4	3	2	3	3	4	2	1	2
6. Активный—пассивный	2	2	1	2	2	2	1	1	2	2	3	3	2	2	2	1
7. Простой—сложный	2	2	1	2	2	2	3	2	2	1	2	2	2	3	2	1
8. Сильный—слабый	2	3	2	1	2	3	1	2	2	3	2	2	2	2	2	3
9. Горячий—холодный	2	3	3	2	3	3	2	2	2	3	2	3	2	3	2	3
10. Быстрый—медленный	1	1	1	1	1	1	3	2	3	1	2	2	2	2	1	1
11. Красивый—безобразный	2	3	3	2	2	3	2	3	3	2	3	2	3	2	2	2
12. Теплый—холодный	2	2	2	1	2	2	3	3	2	3	3	3	3	4	2	1
13. Радостный—печальный	2	3	2	1	3	3	4	3	3	3	2	3	3	3	3	3
14. Хрупкий—прочный	1	2	2	2	2	2	2	3	2	2	2	3	3	3	1	2
15. Праздничный—будничный	2	2	2	1	1	2	3	3	3	2	2	2	3	3	2	1
16. Активный—пассивный	2	3	2	2	3	3	2	3	4	3	3	4	4	4	2	2
17. Свежий—несвежий	2	2	2	2	2	2	2	3	2	2	2	2	2	3	2	2
18. Приятный—неприятный	1	2	1	1	1	2	1	3	1	2	2	2	2	1	1	2
19. Громкий—тихий	3	2	2	2	1	2	2	3	2	2	3	2	3	3	2	2
20. Звонкий—глухой	1	1	2	2	1	1	2	3	2	2	2	2	1	1	2	1
21. Яркий—тусклый	1	2	2	1	2	1	2	2	3	2	3	2	2	1	2	1
22. Острый—тупой	2	2	2	3	1	1	3	2	3	2	2	3	3	2	1	2
